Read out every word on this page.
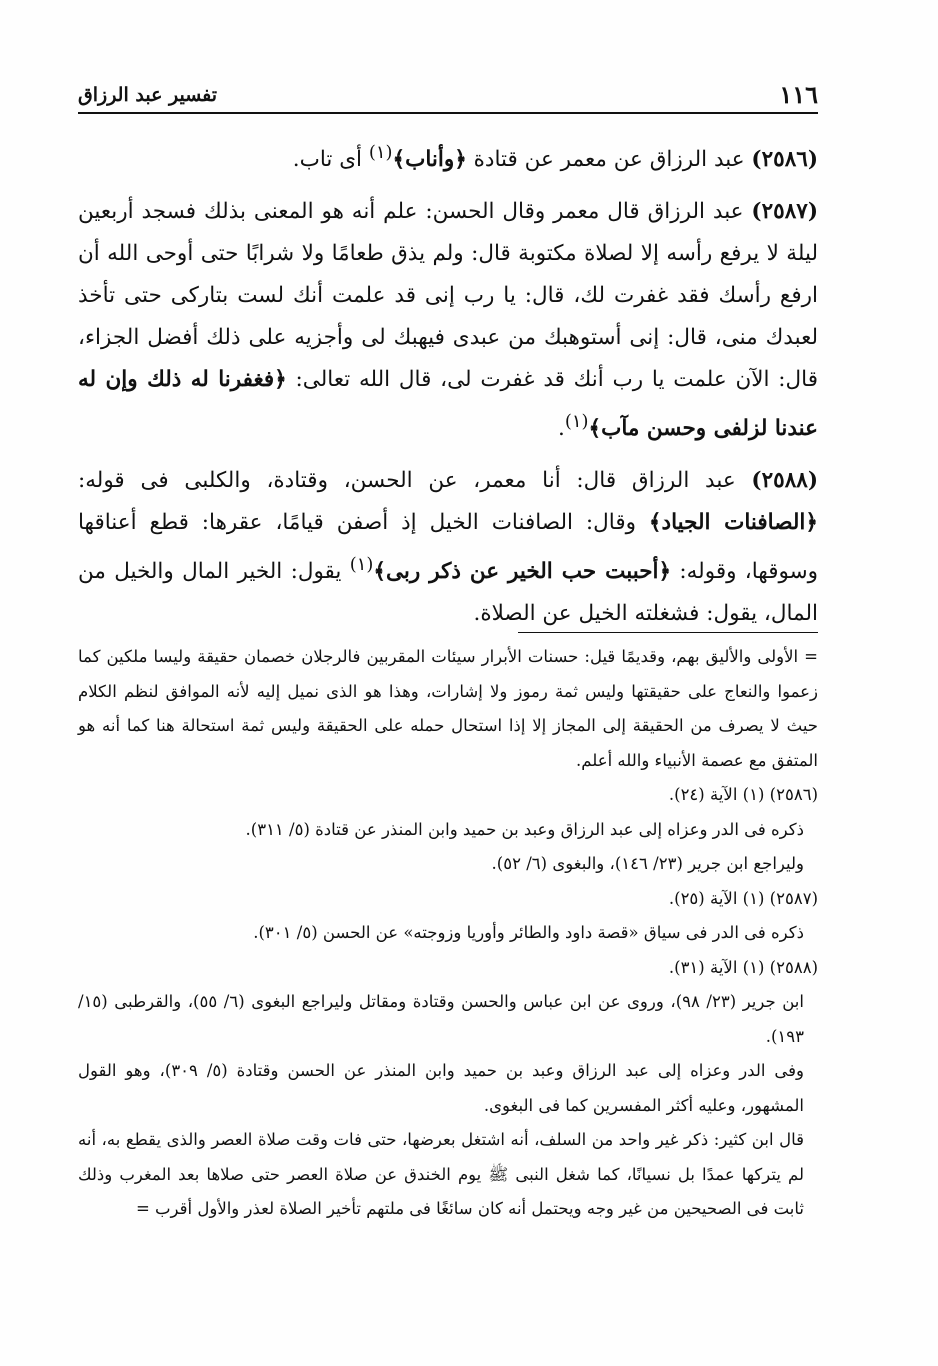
تفسير عبد الرزاق	١١٦

(٢٥٨٦) عبد الرزاق عن معمر عن قتادة ﴿وأناب﴾$^{(١)}$ أى تاب.

(٢٥٨٧) عبد الرزاق قال معمر وقال الحسن: علم أنه هو المعنى بذلك فسجد أربعين ليلة لا يرفع رأسه إلا لصلاة مكتوبة قال: ولم يذق طعامًا ولا شرابًا حتى أوحى الله أن ارفع رأسك فقد غفرت لك، قال: يا رب إنى قد علمت أنك لست بتاركى حتى تأخذ لعبدك منى، قال: إنى أستوهبك من عبدى فيهبك لى وأجزيه على ذلك أفضل الجزاء، قال: الآن علمت يا رب أنك قد غفرت لى، قال الله تعالى: ﴿فغفرنا له ذلك وإن له عندنا لزلفى وحسن مآب﴾$^{(١)}$.

(٢٥٨٨) عبد الرزاق قال: أنا معمر، عن الحسن، وقتادة، والكلبى فى قوله: ﴿الصافنات الجياد﴾ وقال: الصافنات الخيل إذ أصفن قيامًا، عقرها: قطع أعناقها وسوقها، وقوله: ﴿أحببت حب الخير عن ذكر ربى﴾$^{(١)}$ يقول: الخير المال والخيل من المال، يقول: فشغلته الخيل عن الصلاة.

= الأولى والأليق بهم، وقديمًا قيل: حسنات الأبرار سيئات المقربين فالرجلان خصمان حقيقة وليسا ملكين كما زعموا والنعاج على حقيقتها وليس ثمة رموز ولا إشارات، وهذا هو الذى نميل إليه لأنه الموافق لنظم الكلام حيث لا يصرف من الحقيقة إلى المجاز إلا إذا استحال حمله على الحقيقة وليس ثمة استحالة هنا كما أنه هو المتفق مع عصمة الأنبياء والله أعلم.

(٢٥٨٦) (١) الآية (٢٤).

ذكره فى الدر وعزاه إلى عبد الرزاق وعبد بن حميد وابن المنذر عن قتادة (٥/ ٣١١).

وليراجع ابن جرير (٢٣/ ١٤٦)، والبغوى (٦/ ٥٢).

(٢٥٨٧) (١) الآية (٢٥).

ذكره فى الدر فى سياق «قصة داود والطائر وأوريا وزوجته» عن الحسن (٥/ ٣٠١).

(٢٥٨٨) (١) الآية (٣١).

ابن جرير (٢٣/ ٩٨)، وروى عن ابن عباس والحسن وقتادة ومقاتل وليراجع البغوى (٦/ ٥٥)، والقرطبى (١٥/ ١٩٣).

وفى الدر وعزاه إلى عبد الرزاق وعبد بن حميد وابن المنذر عن الحسن وقتادة (٥/ ٣٠٩)، وهو القول المشهور، وعليه أكثر المفسرين كما فى البغوى.

قال ابن كثير: ذكر غير واحد من السلف، أنه اشتغل بعرضها، حتى فات وقت صلاة العصر والذى يقطع به، أنه لم يتركها عمدًا بل نسيانًا، كما شغل النبى ﷺ يوم الخندق عن صلاة العصر حتى صلاها بعد المغرب وذلك ثابت فى الصحيحين من غير وجه ويحتمل أنه كان سائغًا فى ملتهم تأخير الصلاة لعذر والأول أقرب =
